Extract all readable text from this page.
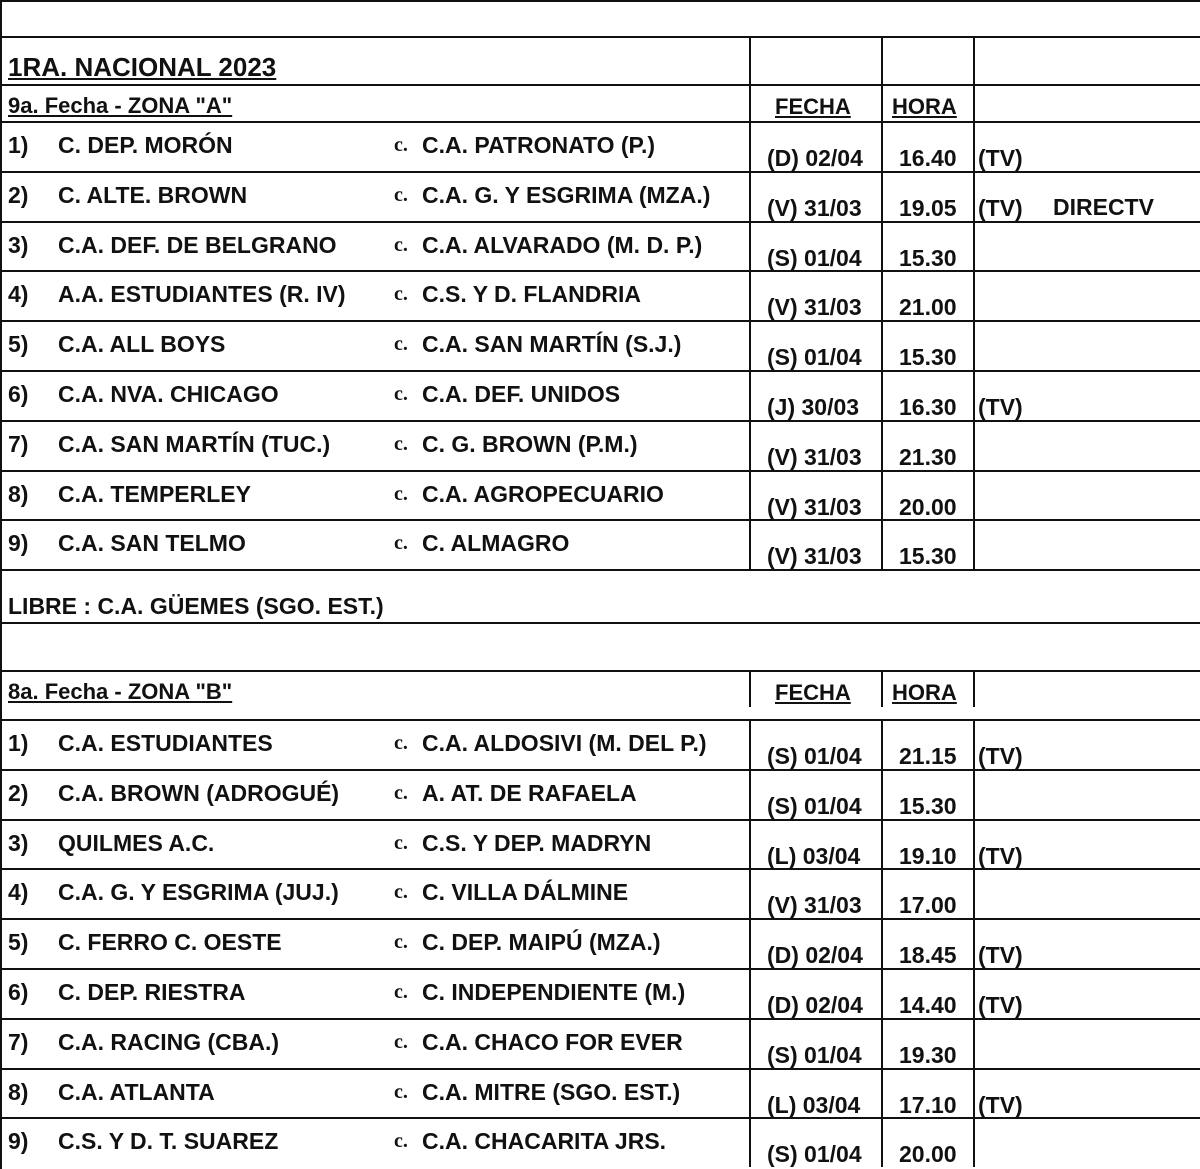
1RA. NACIONAL 2023
9a. Fecha - ZONA "A"	FECHA HORA
1) C. DEP. MORÓN	c. C.A. PATRONATO (P.)	(D) 02/04 16.40 (TV)
2) C. ALTE. BROWN	c. C.A. G. Y ESGRIMA (MZA.) (V) 31/03 19.05 (TV) DIRECTV
3) C.A. DEF. DE BELGRANO	c. C.A. ALVARADO (M. D. P.)	(S) 01/04 15.30
4) A.A. ESTUDIANTES (R. IV) c. C.S. Y D. FLANDRIA	(V) 31/03 21.00
5) C.A. ALL BOYS	c. C.A. SAN MARTÍN (S.J.)	(S) 01/04 15.30
6) C.A. NVA. CHICAGO	c. C.A. DEF. UNIDOS	(J) 30/03 16.30 (TV)
7) C.A. SAN MARTÍN (TUC.)	c. C. G. BROWN (P.M.)	(V) 31/03 21.30
8) C.A. TEMPERLEY	c. C.A. AGROPECUARIO	(V) 31/03 20.00
9) C.A. SAN TELMO	c. C. ALMAGRO	(V) 31/03 15.30
LIBRE : C.A. GÜEMES (SGO. EST.)
8a. Fecha - ZONA "B"	FECHA HORA
1) C.A. ESTUDIANTES	c. C.A. ALDOSIVI (M. DEL P.)	(S) 01/04 21.15 (TV)
2) C.A. BROWN (ADROGUÉ)	c. A. AT. DE RAFAELA	(S) 01/04 15.30
3) QUILMES A.C.	c. C.S. Y DEP. MADRYN	(L) 03/04 19.10 (TV)
4) C.A. G. Y ESGRIMA (JUJ.)	c. C. VILLA DÁLMINE	(V) 31/03 17.00
5) C. FERRO C. OESTE	c. C. DEP. MAIPÚ (MZA.)	(D) 02/04 18.45 (TV)
6) C. DEP. RIESTRA	c. C. INDEPENDIENTE (M.)	(D) 02/04 14.40 (TV)
7) C.A. RACING (CBA.)	c. C.A. CHACO FOR EVER	(S) 01/04 19.30
8) C.A. ATLANTA	c. C.A. MITRE (SGO. EST.)	(L) 03/04 17.10 (TV)
9) C.S. Y D. T. SUAREZ	c. C.A. CHACARITA JRS.	(S) 01/04 20.00
